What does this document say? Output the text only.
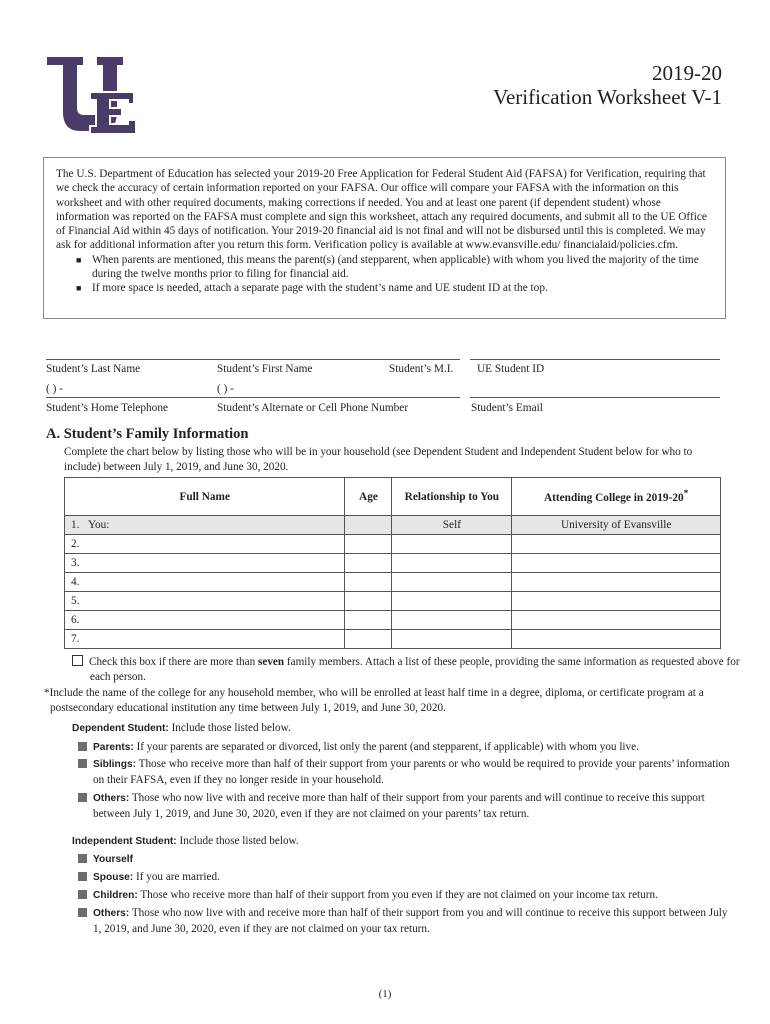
2019-20
Verification Worksheet V-1

The U.S. Department of Education has selected your 2019-20 Free Application for Federal Student Aid (FAFSA) for Verification, requiring that we check the accuracy of certain information reported on your FAFSA. Our office will compare your FAFSA with the information on this worksheet and with other required documents, making corrections if needed. You and at least one parent (if dependent student) whose information was reported on the FAFSA must complete and sign this worksheet, attach any required documents, and submit all to the UE Office of Financial Aid within 45 days of notification. Your 2019-20 financial aid is not final and will not be disbursed until this is completed. We may ask for additional information after you return this form. Verification policy is available at www.evansville.edu/ financialaid/policies.cfm.

■ When parents are mentioned, this means the parent(s) (and stepparent, when applicable) with whom you lived the majority of the time during the twelve months prior to filing for financial aid.
■ If more space is needed, attach a separate page with the student’s name and UE student ID at the top.
Student’s Last Name	Student’s First Name	Student’s M.I. UE Student ID
( ) -	( ) -
Student’s Home Telephone	Student’s Alternate or Cell Phone Number	Student’s Email
A. Student’s Family Information
Complete the chart below by listing those who will be in your household (see Dependent Student and Independent Student below for who to include) between July 1, 2019, and June 30, 2020.
Full Name	Age	Relationship to You	Attending College in 2019-20*
1. You:		Self	University of Evansville
2.			
3.			
4.			
5.			
6.			
7.			
Check this box if there are more than seven family members. Attach a list of these people, providing the same information as requested above for each person.
*Include the name of the college for any household member, who will be enrolled at least half time in a degree, diploma, or certificate program at a postsecondary educational institution any time between July 1, 2019, and June 30, 2020.
Dependent Student: Include those listed below.
Parents: If your parents are separated or divorced, list only the parent (and stepparent, if applicable) with whom you live.
Siblings: Those who receive more than half of their support from your parents or who would be required to provide your parents’ information on their FAFSA, even if they no longer reside in your household.
Others: Those who now live with and receive more than half of their support from your parents and will continue to receive this support between July 1, 2019, and June 30, 2020, even if they are not claimed on your parents’ tax return.
Independent Student: Include those listed below.
Yourself
Spouse: If you are married.
Children: Those who receive more than half of their support from you even if they are not claimed on your income tax return.
Others: Those who now live with and receive more than half of their support from you and will continue to receive this support between July 1, 2019, and June 30, 2020, even if they are not claimed on your tax return.
(1)
